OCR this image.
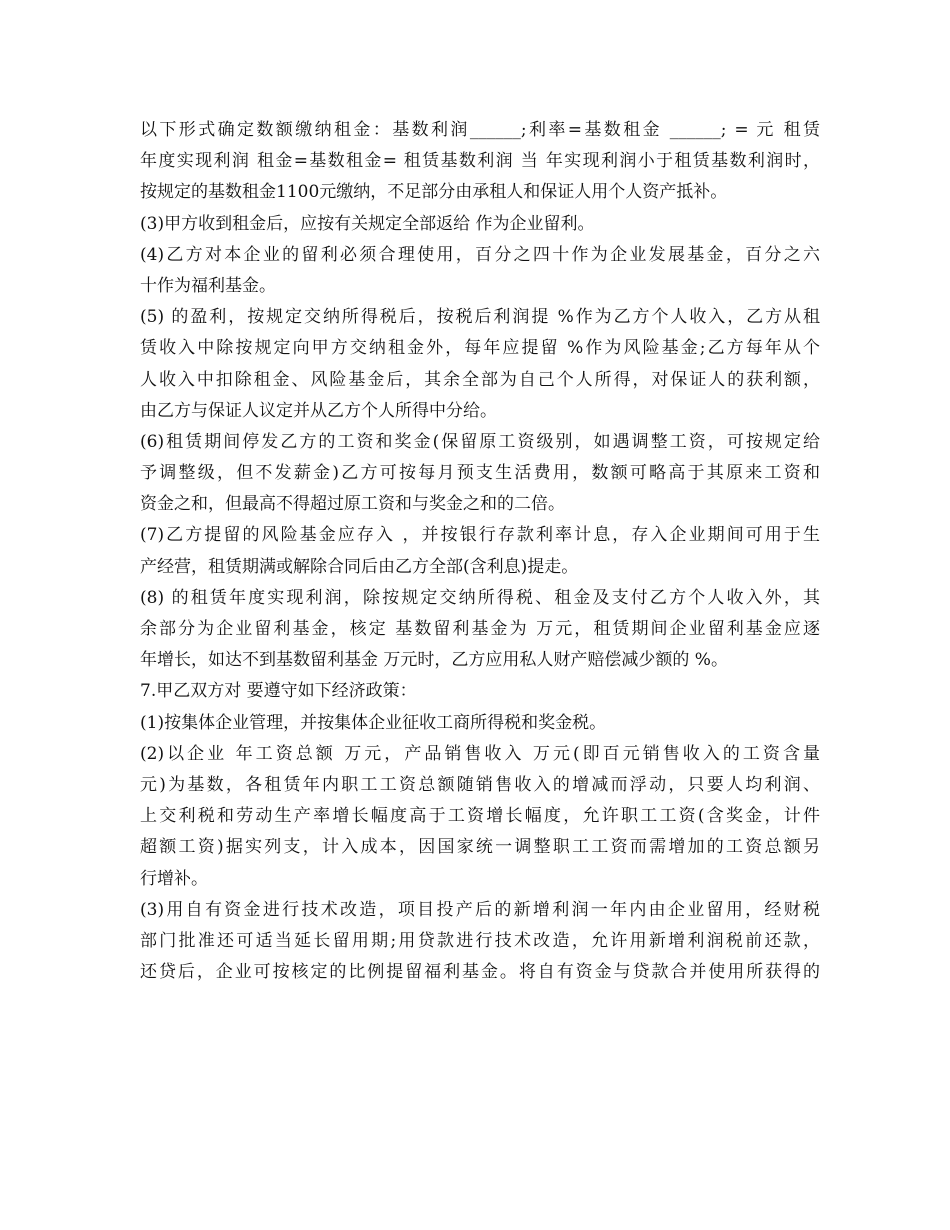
以下形式确定数额缴纳租金：基数利润______;利率=基数租金 ______; = 元 租赁
年度实现利润 租金=基数租金= 租赁基数利润 当 年实现利润小于租赁基数利润时，
按规定的基数租金1100元缴纳，不足部分由承租人和保证人用个人资产抵补。
(3)甲方收到租金后，应按有关规定全部返给 作为企业留利。
(4)乙方对本企业的留利必须合理使用，百分之四十作为企业发展基金，百分之六
十作为福利基金。
(5) 的盈利，按规定交纳所得税后，按税后利润提 %作为乙方个人收入，乙方从租
赁收入中除按规定向甲方交纳租金外，每年应提留 %作为风险基金;乙方每年从个
人收入中扣除租金、风险基金后，其余全部为自己个人所得，对保证人的获利额，
由乙方与保证人议定并从乙方个人所得中分给。
(6)租赁期间停发乙方的工资和奖金(保留原工资级别，如遇调整工资，可按规定给
予调整级，但不发薪金)乙方可按每月预支生活费用，数额可略高于其原来工资和
资金之和，但最高不得超过原工资和与奖金之和的二倍。
(7)乙方提留的风险基金应存入 ，并按银行存款利率计息，存入企业期间可用于生
产经营，租赁期满或解除合同后由乙方全部(含利息)提走。
(8) 的租赁年度实现利润，除按规定交纳所得税、租金及支付乙方个人收入外，其
余部分为企业留利基金，核定 基数留利基金为 万元，租赁期间企业留利基金应逐
年增长，如达不到基数留利基金 万元时，乙方应用私人财产赔偿减少额的 %。
7.甲乙双方对 要遵守如下经济政策：
(1)按集体企业管理，并按集体企业征收工商所得税和奖金税。
(2)以企业 年工资总额 万元，产品销售收入 万元(即百元销售收入的工资含量
元)为基数，各租赁年内职工工资总额随销售收入的增减而浮动，只要人均利润、
上交利税和劳动生产率增长幅度高于工资增长幅度，允许职工工资(含奖金，计件
超额工资)据实列支，计入成本，因国家统一调整职工工资而需增加的工资总额另
行增补。
(3)用自有资金进行技术改造，项目投产后的新增利润一年内由企业留用，经财税
部门批准还可适当延长留用期;用贷款进行技术改造，允许用新增利润税前还款，
还贷后，企业可按核定的比例提留福利基金。将自有资金与贷款合并使用所获得的
